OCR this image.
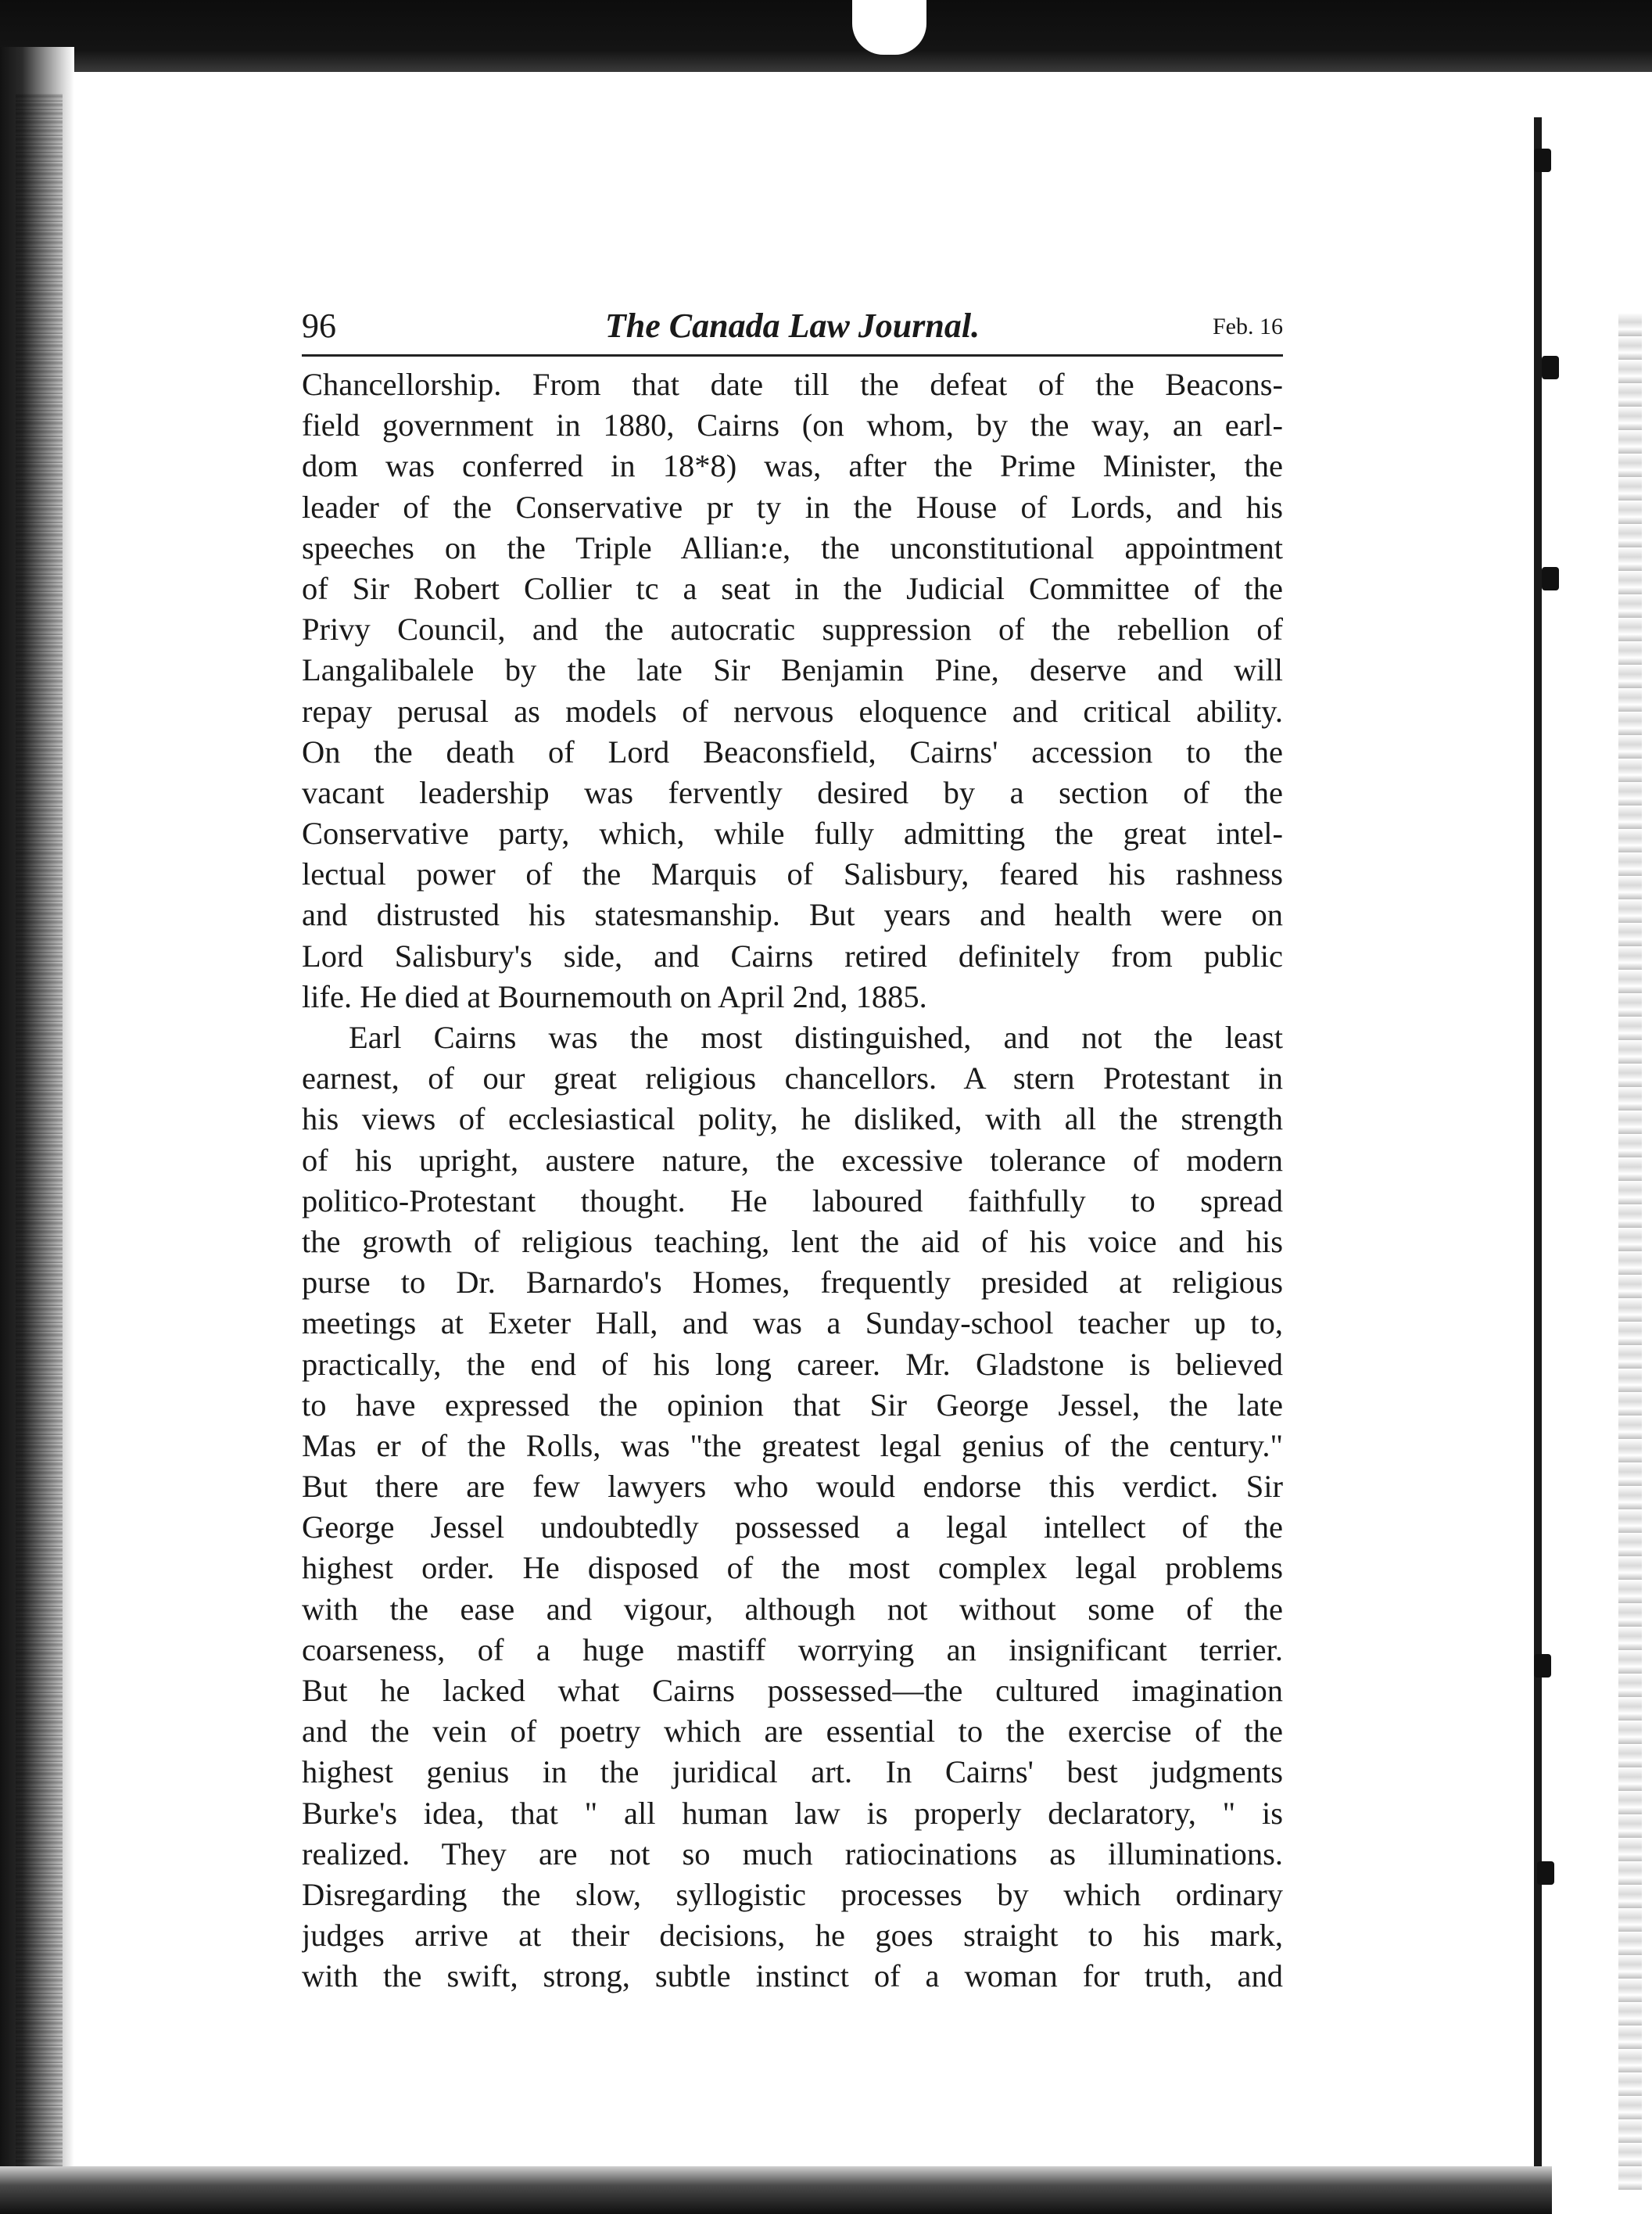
96	The Canada Law Journal.	Feb. 16
Chancellorship. From that date till the defeat of the Beacons-
field government in 1880, Cairns (on whom, by the way, an earl-
dom was conferred in 18*8) was, after the Prime Minister, the
leader of the Conservative pr ty in the House of Lords, and his
speeches on the Triple Allian:e, the unconstitutional appointment
of Sir Robert Collier tc a seat in the Judicial Committee of the
Privy Council, and the autocratic suppression of the rebellion of
Langalibalele by the late Sir Benjamin Pine, deserve and will
repay perusal as models of nervous eloquence and critical ability.
On the death of Lord Beaconsfield, Cairns' accession to the
vacant leadership was fervently desired by a section of the
Conservative party, which, while fully admitting the great intel-
lectual power of the Marquis of Salisbury, feared his rashness
and distrusted his statesmanship. But years and health were on
Lord Salisbury's side, and Cairns retired definitely from public
life. He died at Bournemouth on April 2nd, 1885.
Earl Cairns was the most distinguished, and not the least
earnest, of our great religious chancellors. A stern Protestant in
his views of ecclesiastical polity, he disliked, with all the strength
of his upright, austere nature, the excessive tolerance of modern
politico-Protestant thought. He laboured faithfully to spread
the growth of religious teaching, lent the aid of his voice and his
purse to Dr. Barnardo's Homes, frequently presided at religious
meetings at Exeter Hall, and was a Sunday-school teacher up to,
practically, the end of his long career. Mr. Gladstone is believed
to have expressed the opinion that Sir George Jessel, the late
Mas er of the Rolls, was "the greatest legal genius of the century."
But there are few lawyers who would endorse this verdict. Sir
George Jessel undoubtedly possessed a legal intellect of the
highest order. He disposed of the most complex legal problems
with the ease and vigour, although not without some of the
coarseness, of a huge mastiff worrying an insignificant terrier.
But he lacked what Cairns possessed—the cultured imagination
and the vein of poetry which are essential to the exercise of the
highest genius in the juridical art. In Cairns' best judgments
Burke's idea, that " all human law is properly declaratory, " is
realized. They are not so much ratiocinations as illuminations.
Disregarding the slow, syllogistic processes by which ordinary
judges arrive at their decisions, he goes straight to his mark,
with the swift, strong, subtle instinct of a woman for truth, and
